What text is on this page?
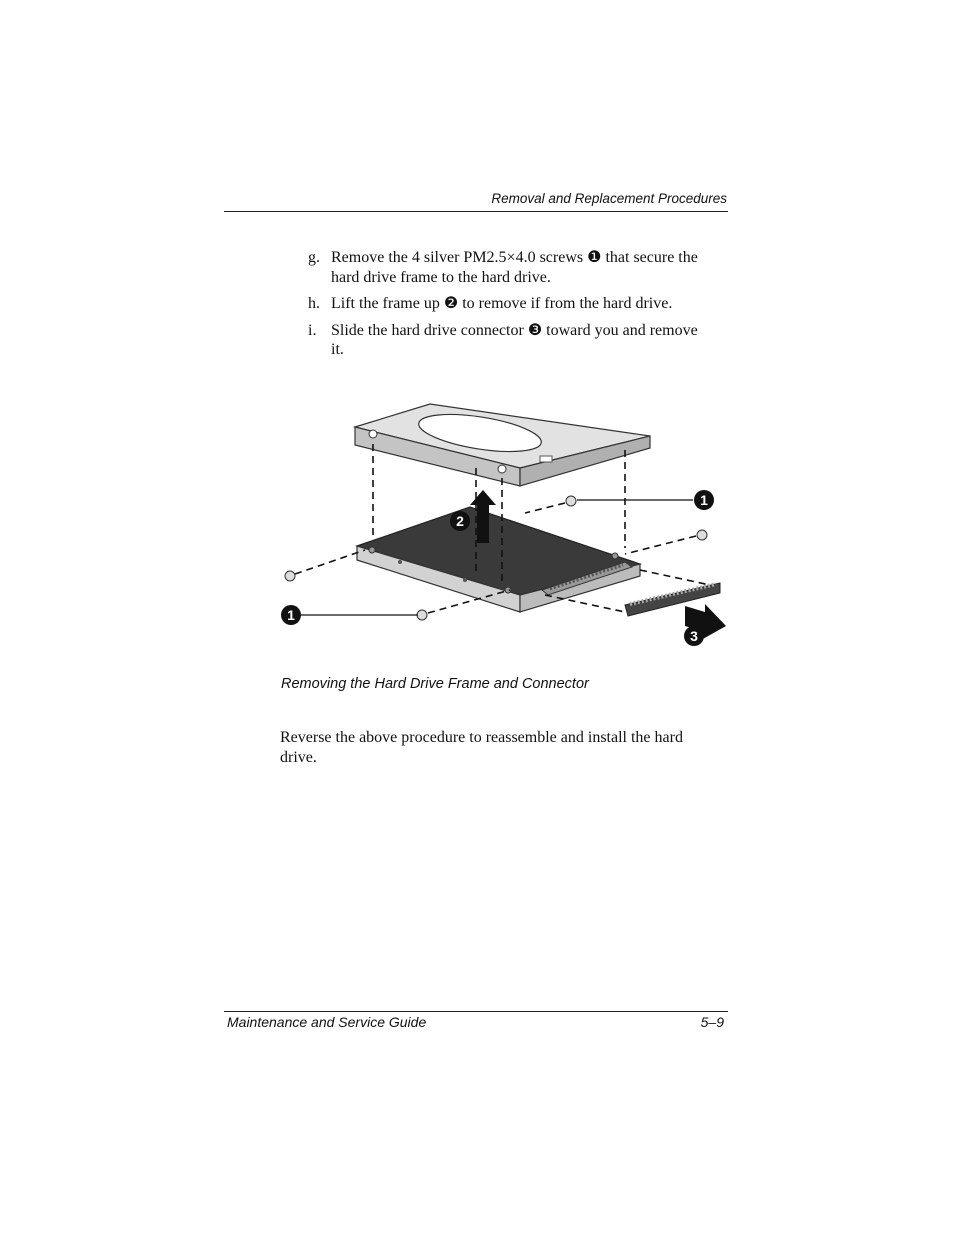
Removal and Replacement Procedures
g. Remove the 4 silver PM2.5×4.0 screws ❶ that secure the hard drive frame to the hard drive.
h. Lift the frame up ❷ to remove if from the hard drive.
i. Slide the hard drive connector ❸ toward you and remove it.
1
2
1
3
Removing the Hard Drive Frame and Connector
Reverse the above procedure to reassemble and install the hard drive.
Maintenance and Service Guide	5–9
